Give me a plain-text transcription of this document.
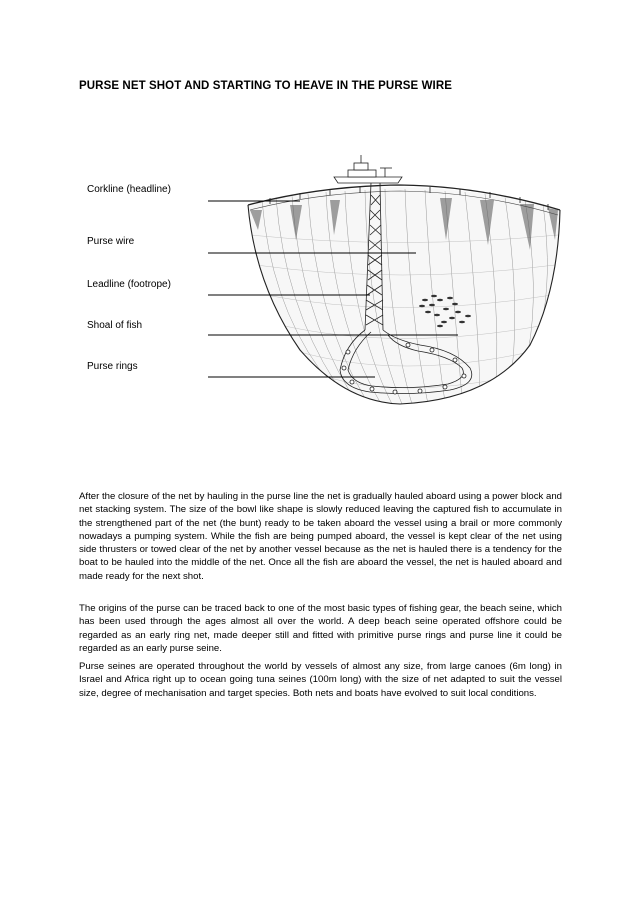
PURSE NET SHOT AND STARTING TO HEAVE IN THE PURSE WIRE
Corkline (headline)
Purse wire
Leadline (footrope)
Shoal of fish
Purse rings

After the closure of the net by hauling in the purse line the net is gradually hauled aboard using a power block and net stacking system. The size of the bowl like shape is slowly reduced leaving the captured fish to accumulate in the strengthened part of the net (the bunt) ready to be taken aboard the vessel using a brail or more commonly nowadays a pumping system. While the fish are being pumped aboard, the vessel is kept clear of the net using side thrusters or towed clear of the net by another vessel because as the net is hauled there is a tendency for the boat to be hauled into the middle of the net. Once all the fish are aboard the vessel, the net is hauled aboard and made ready for the next shot.

The origins of the purse can be traced back to one of the most basic types of fishing gear, the beach seine, which has been used through the ages almost all over the world. A deep beach seine operated offshore could be regarded as an early ring net, made deeper still and fitted with primitive purse rings and purse line it could be regarded as an early purse seine.

Purse seines are operated throughout the world by vessels of almost any size, from large canoes (6m long) in Israel and Africa right up to ocean going tuna seines (100m long) with the size of net adapted to suit the vessel size, degree of mechanisation and target species. Both nets and boats have evolved to suit local conditions.
